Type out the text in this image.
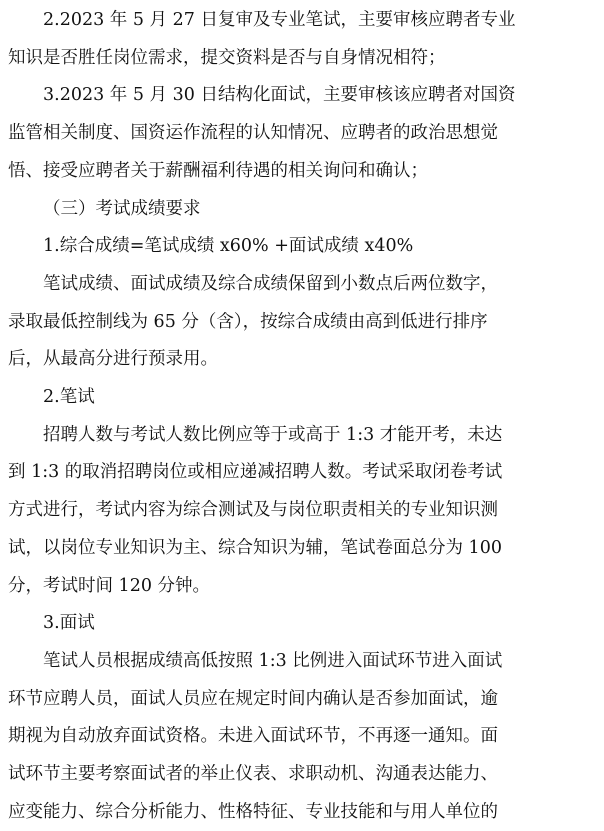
2.2023 年 5 月 27 日复审及专业笔试，主要审核应聘者专业
知识是否胜任岗位需求，提交资料是否与自身情况相符；

3.2023 年 5 月 30 日结构化面试，主要审核该应聘者对国资
监管相关制度、国资运作流程的认知情况、应聘者的政治思想觉
悟、接受应聘者关于薪酬福利待遇的相关询问和确认；

（三）考试成绩要求

1.综合成绩=笔试成绩 x60% +面试成绩 x40%

笔试成绩、面试成绩及综合成绩保留到小数点后两位数字，
录取最低控制线为 65 分（含），按综合成绩由高到低进行排序
后，从最高分进行预录用。

2.笔试

招聘人数与考试人数比例应等于或高于 1:3 才能开考，未达
到 1:3 的取消招聘岗位或相应递减招聘人数。考试采取闭卷考试
方式进行，考试内容为综合测试及与岗位职责相关的专业知识测
试，以岗位专业知识为主、综合知识为辅，笔试卷面总分为 100
分，考试时间 120 分钟。

3.面试

笔试人员根据成绩高低按照 1:3 比例进入面试环节进入面试
环节应聘人员，面试人员应在规定时间内确认是否参加面试，逾
期视为自动放弃面试资格。未进入面试环节，不再逐一通知。面
试环节主要考察面试者的举止仪表、求职动机、沟通表达能力、
应变能力、综合分析能力、性格特征、专业技能和与用人单位的
